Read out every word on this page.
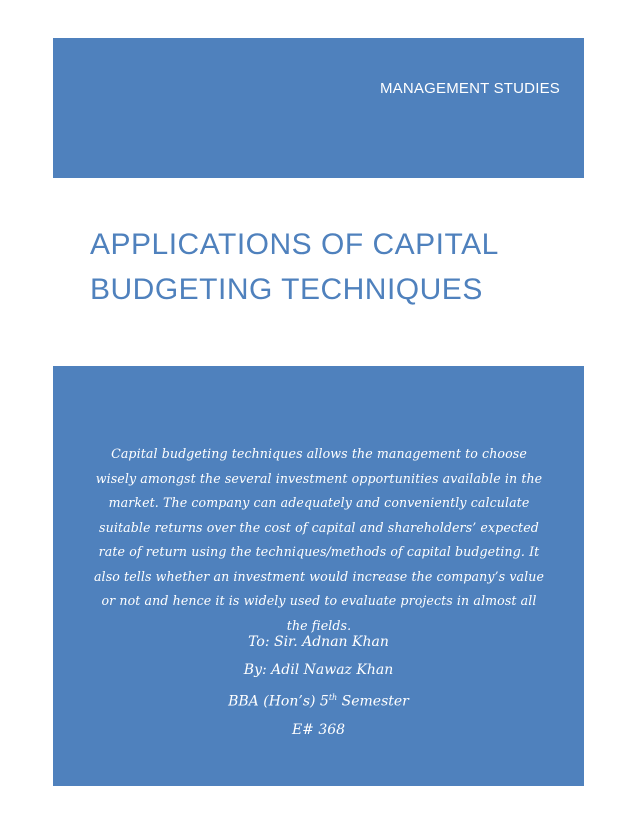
MANAGEMENT STUDIES
APPLICATIONS OF CAPITAL
BUDGETING TECHNIQUES
Capital budgeting techniques allows the management to choose wisely amongst the several investment opportunities available in the market. The company can adequately and conveniently calculate suitable returns over the cost of capital and shareholders’ expected rate of return using the techniques/methods of capital budgeting. It also tells whether an investment would increase the company’s value or not and hence it is widely used to evaluate projects in almost all the fields.
To: Sir. Adnan Khan
By: Adil Nawaz Khan
BBA (Hon’s) 5th Semester
E# 368
